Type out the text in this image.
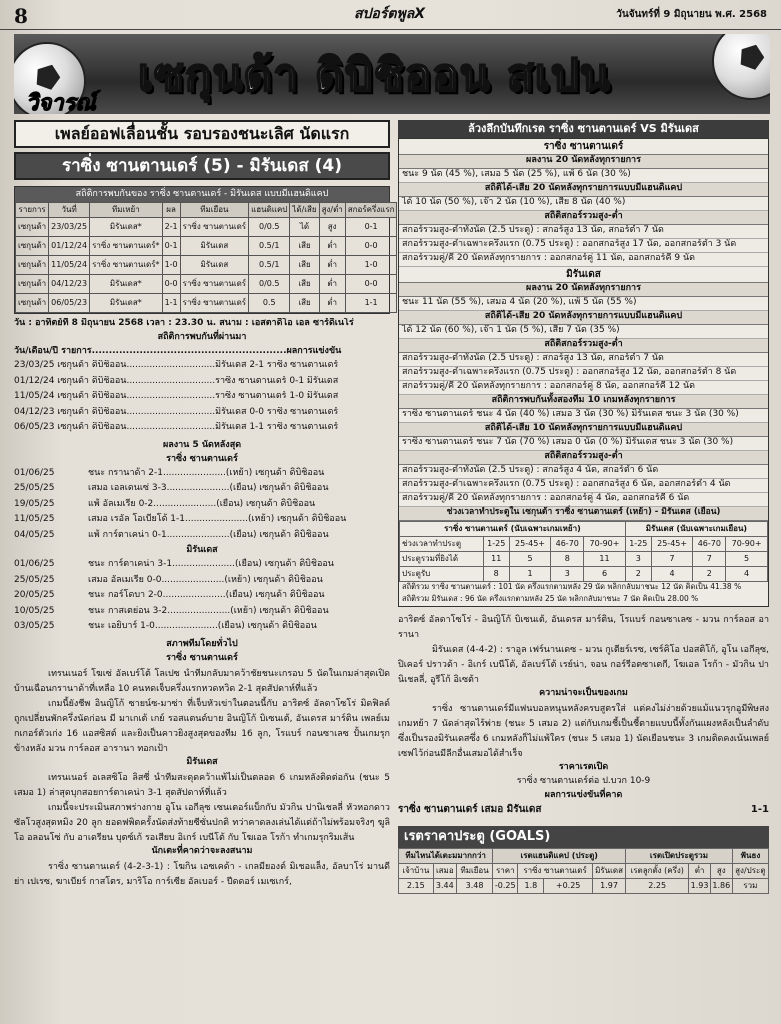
8	สปอร์ตพูลX	วันจันทร์ที่ 9 มิถุนายน พ.ศ. 2568
เซกุนด้า ดิบิชิออน สเปน
วิจารณ์
เพลย์ออฟเลื่อนชั้น รอบรองชนะเลิศ นัดแรก
ราซิ่ง ซานตานเดร์ (5) - มิรันเดส (4)
สถิติการพบกันของ ราซิ่ง ซานตานเดร์ - มิรันเดส แบบมีแฮนดิแคป
รายการ	วันที่	ทีมเหย้า	ผล	ทีมเยือน	แฮนดิแคป	ได้/เสีย	สูง/ต่ำ	สกอร์ครึ่งแรก
เซกุนด้า	23/03/25	มิรันเดส*	2-1	ราซิ่ง ซานตานเดร์	0/0.5	ได้	สูง	0-1
เซกุนด้า	01/12/24	ราซิ่ง ซานตานเดร์*	0-1	มิรันเดส	0.5/1	เสีย	ต่ำ	0-0
เซกุนด้า	11/05/24	ราซิ่ง ซานตานเดร์*	1-0	มิรันเดส	0.5/1	เสีย	ต่ำ	1-0
เซกุนด้า	04/12/23	มิรันเดส*	0-0	ราซิ่ง ซานตานเดร์	0/0.5	เสีย	ต่ำ	0-0
เซกุนด้า	06/05/23	มิรันเดส*	1-1	ราซิ่ง ซานตานเดร์	0.5	เสีย	ต่ำ	1-1
วัน : อาทิตย์ที่ 8 มิถุนายน 2568 เวลา : 23.30 น. สนาม : เอสตาดิโอ เอล ซาร์ดิเนโร่
สถิติการพบกันที่ผ่านมา
วัน/เดือน/ปี รายการ.........................................................ผลการแข่งขัน
23/03/25 เซกุนด้า ดิบิชิออน...............................มิรันเดส 2-1 ราซิ่ง ซานตานเดร์
01/12/24 เซกุนด้า ดิบิชิออน...............................ราซิ่ง ซานตานเดร์ 0-1 มิรันเดส
11/05/24 เซกุนด้า ดิบิชิออน...............................ราซิ่ง ซานตานเดร์ 1-0 มิรันเดส
04/12/23 เซกุนด้า ดิบิชิออน...............................มิรันเดส 0-0 ราซิ่ง ซานตานเดร์
06/05/23 เซกุนด้า ดิบิชิออน...............................มิรันเดส 1-1 ราซิ่ง ซานตานเดร์
ผลงาน 5 นัดหลังสุด
ราซิ่ง ซานตานเดร์
01/06/25	ชนะ กรานาด้า 2-1......................(เหย้า) เซกุนด้า ดิบิชิออน
25/05/25	เสมอ เอลเดนเซ่ 3-3......................(เยือน) เซกุนด้า ดิบิชิออน
19/05/25	แพ้ อัลเมเรีย 0-2......................(เยือน) เซกุนด้า ดิบิชิออน
11/05/25	เสมอ เรอัล โอเบียโด้ 1-1......................(เหย้า) เซกุนด้า ดิบิชิออน
04/05/25	แพ้ การ์ตาเคน่า 0-1......................(เยือน) เซกุนด้า ดิบิชิออน
มิรันเดส
01/06/25	ชนะ การ์ตาเคน่า 3-1......................(เยือน) เซกุนด้า ดิบิชิออน
25/05/25	เสมอ อัลเมเรีย 0-0......................(เหย้า) เซกุนด้า ดิบิชิออน
20/05/25	ชนะ กอร์โดบา 2-0......................(เยือน) เซกุนด้า ดิบิชิออน
10/05/25	ชนะ กาสเตย่อน 3-2......................(เหย้า) เซกุนด้า ดิบิชิออน
03/05/25	ชนะ เอยิบาร์ 1-0......................(เยือน) เซกุนด้า ดิบิชิออน
สภาพทีมโดยทั่วไป
ราซิ่ง ซานตานเดร์

เทรนเนอร์ โฆเซ่ อัลเบร์โต้ โลเปซ นำทีมกลับมาคว้าชัยชนะเกรอบ 5 นัดในเกมล่าสุดเปิดบ้านเฉือนกรานาด้าที่เหลือ 10 คนหดเจ็บครึ่งแรกหวดหวิด 2-1 สุดสัปดาห์ที่แล้ว

เกมนี้ยังชีพ อินญิโก้ ซายน์ซ-มาซ่า ที่เจ็บหัวเข่าในตอนนี้กับ อาริตซ์ อัลดาโซโร่ มิดฟิลด์ถูกเปลี่ยนพักครึ่งนัดก่อน มี มาเกเต้ เกย์ รอสแตนด์บาย อินญิโก้ บิเซนเต้, อันเดรส มาร์ติน เพลย์เมกเกอร์ตัวเก่ง 16 แอสซิสต์ และยิงเป็นคาวยิงสูงสุดของทีม 16 ลูก, โรแบร์ กอนซาเลซ ปั้นเกมรุกข้างหลัง มวน การ์ลอส อารานา ทอกเป้า

มิรันเดส

เทรนเนอร์ อเลสซิโอ ลิสซี่ นำทีมสะดุดคว้าแพ้ไม่เป็นตลอด 6 เกมหลังติดต่อกัน (ชนะ 5 เสมอ 1) ล่าสุดบุกสอยการ์ตาเคน่า 3-1 สุดสัปดาห์ที่แล้ว

เกมนี้จะประเมินสภาพร่างกาย อูโน เอกีลุซ เซนเตอร์แบ็กกับ มัวกิน ปานิเชลลี่ หัวหอกดาวซัลโวสูงสุดหมิง 20 ลูก ยอดฟพิตครั้งนัดส่งท้ายซีซั่นปกติ ทว่าคาดลงเล่นได้แต่ถ้าไม่พร้อมจริงๆ ฆูลิโอ อลอนโซ่ กับ อาเดรียน บุตซ์เก้ รอเสียบ อิเกร์ เบนีโต้ กับ โฆเอล โรก้า ทำเกมรุกริมเส้น

นักเตะที่คาดว่าจะลงสนาม

ราซิ่ง ซานตานเดร์ (4-2-3-1) : โฆกิน เอซเคด้า - เกลมียองต์ มิเชอแล็ง, อัลบาโร่ มานดีย่า เปเรซ, ฆาเบียร์ กาสโตร, มาริโอ การ์เซีย อัลเบอร์ - ปีดดอร์ เมเซเกร์,

ล้วงลึกบันทึกเรต ราซิ่ง ซานตานเดร์ VS มิรันเดส
ราซิ่ง ซานตานเดร์
ผลงาน 20 นัดหลังทุกรายการ
ชนะ 9 นัด (45 %), เสมอ 5 นัด (25 %), แพ้ 6 นัด (30 %)
สถิติได้-เสีย 20 นัดหลังทุกรายการแบบมีแฮนดิแคป
ได้ 10 นัด (50 %), เจ๊า 2 นัด (10 %), เสีย 8 นัด (40 %)
สถิติสกอร์รวมสูง-ต่ำ
สกอร์รวมสูง-ต่ำทั้งนัด (2.5 ประตู) : สกอร์สูง 13 นัด, สกอร์ต่ำ 7 นัด
สกอร์รวมสูง-ต่ำเฉพาะครึ่งแรก (0.75 ประตู) : ออกสกอร์สูง 17 นัด, ออกสกอร์ต่ำ 3 นัด
สกอร์รวมคู่/คี่ 20 นัดหลังทุกรายการ : ออกสกอร์คู่ 11 นัด, ออกสกอร์คี่ 9 นัด
มิรันเดส
ผลงาน 20 นัดหลังทุกรายการ
ชนะ 11 นัด (55 %), เสมอ 4 นัด (20 %), แพ้ 5 นัด (55 %)
สถิติได้-เสีย 20 นัดหลังทุกรายการแบบมีแฮนดิแคป
ได้ 12 นัด (60 %), เจ๊า 1 นัด (5 %), เสีย 7 นัด (35 %)
สถิติสกอร์รวมสูง-ต่ำ
สกอร์รวมสูง-ต่ำทั้งนัด (2.5 ประตู) : สกอร์สูง 13 นัด, สกอร์ต่ำ 7 นัด
สกอร์รวมสูง-ต่ำเฉพาะครึ่งแรก (0.75 ประตู) : ออกสกอร์สูง 12 นัด, ออกสกอร์ต่ำ 8 นัด
สกอร์รวมคู่/คี่ 20 นัดหลังทุกรายการ : ออกสกอร์คู่ 8 นัด, ออกสกอร์คี่ 12 นัด
สถิติการพบกันทั้งสองทีม 10 เกมหลังทุกรายการ
ราซิ่ง ซานตานเดร์ ชนะ 4 นัด (40 %) เสมอ 3 นัด (30 %) มิรันเดส ชนะ 3 นัด (30 %)
สถิติได้-เสีย 10 นัดหลังทุกรายการแบบมีแฮนดิแคป
ราซิ่ง ซานตานเดร์ ชนะ 7 นัด (70 %) เสมอ 0 นัด (0 %) มิรันเดส ชนะ 3 นัด (30 %)
สถิติสกอร์รวมสูง-ต่ำ
สกอร์รวมสูง-ต่ำทั้งนัด (2.5 ประตู) : สกอร์สูง 4 นัด, สกอร์ต่ำ 6 นัด
สกอร์รวมสูง-ต่ำเฉพาะครึ่งแรก (0.75 ประตู) : ออกสกอร์สูง 6 นัด, ออกสกอร์ต่ำ 4 นัด
สกอร์รวมคู่/คี่ 20 นัดหลังทุกรายการ : ออกสกอร์คู่ 4 นัด, ออกสกอร์คี่ 6 นัด
ช่วงเวลาทำประตูใน เซกุนด้า ราซิ่ง ซานตานเดร์ (เหย้า) - มิรันเดส (เยือน)
ราซิ่ง ซานตานเดร์ (นับเฉพาะเกมเหย้า)					มิรันเดส (นับเฉพาะเกมเยือน)			
ช่วงเวลาทำประตู	1-25	25-45+	46-70	70-90+	1-25	25-45+	46-70	70-90+
ประตูรวมที่ยิงได้	11	5	8	11	3	7	7	5
ประตูรับ	8	1	3	6	2	4	2	4
สถิติรวม ราซิ่ง ซานตานเดร์ : 101 นัด ครึ่งแรกตามหลัง 29 นัด พลิกกลับมาชนะ 12 นัด คิดเป็น 41.38 %
สถิติรวม มิรันเดส : 96 นัด ครึ่งแรกตามหลัง 25 นัด พลิกกลับมาชนะ 7 นัด คิดเป็น 28.00 %

อาริตซ์ อัลดาโซโร่ - อินญิโก้ บิเซนเต้, อันเดรส มาร์ติน, โรแบร์ กอนซาเลซ - มวน การ์ลอส อารานา

มิรันเดส (4-4-2) : ราอูล เฟร์นานเดซ - มวน กูเตียร์เรซ, เซร์คิโอ ปอสติโก้, อูโน เอกีลุซ, ปิเคอร์ ปราวด้า - อิเกร์ เบนีโต้, อัลเบร์โต้ เรย์น่า, จอน กอร์รีอตซาเตกี, โฆเอล โรก้า - มัวกิน ปานิเชลลี่, อูรีโก้ อิเซต้า

ความน่าจะเป็นของเกม

ราซิ่ง ซานตานเดร์มีแฟนบอลหนุนหลังครบสูตรใส่ แต่คงไม่ง่ายด้วยแม้แนวรุกอูมีพิษสงเกมหย้า 7 นัดล่าสุดไร้พ่าย (ชนะ 5 เสมอ 2) แต่กับเกมชี้เป็นชี้ตายแบบนี้ทั้งกันแผงหลังเป็นลำดับ ซึ่งเป็นรองมิรันเดสซึ่ง 6 เกมหลังก็ไม่แพ้ใคร (ชนะ 5 เสมอ 1) นัดเยือนชนะ 3 เกมติดคงเน้นเพลย์เซฟไว้ก่อนมีลีกอื่นเสมอได้สำเร็จ

ราคาเรตเปิด
ราซิ่ง ซานตานเดร์ต่อ ป.บวก 10-9
ผลการแข่งขันที่คาด
ราซิ่ง ซานตานเดร์ เสมอ มิรันเดส	1-1
เรตราคาประตู (GOALS)
ทีมไหนได้เตะมมากกว่า			เรตแฮนดิแคป (ประตู)				เรตเปิดประตูรวม			ฟันธง
เจ้าบ้าน	เสมอ	ทีมเยือน	ราคา	ราซิ่ง ซานตานเดร์		มิรันเดส	เรตลูกตั้ง (ครึ่ง)	ต่ำ	สูง	สูง/ประตู
2.15	3.44	3.48	-0.25	1.8	+0.25	1.97	2.25	1.93	1.86	รวม
